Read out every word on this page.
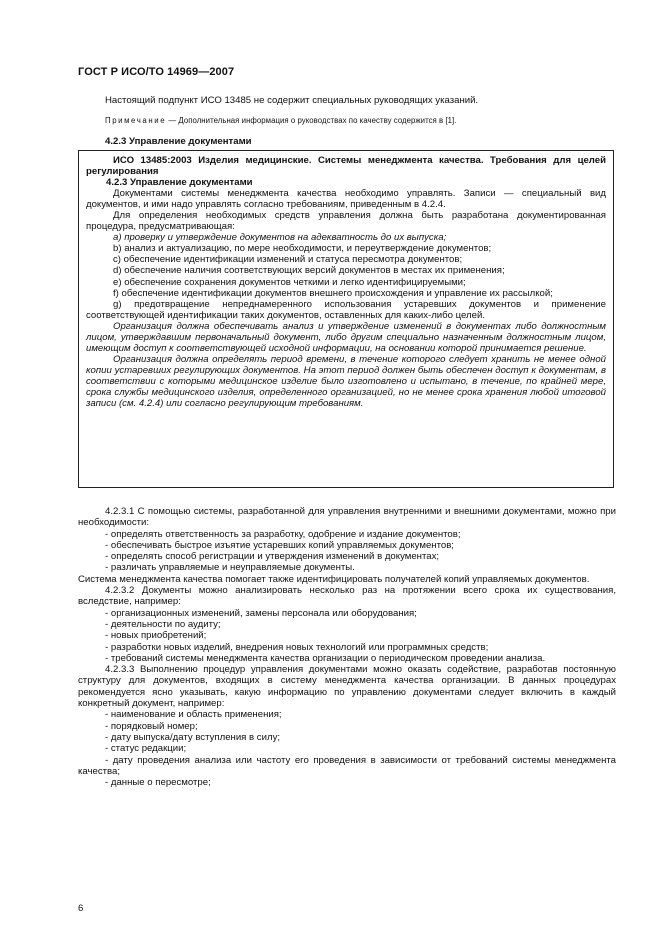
ГОСТ Р ИСО/ТО 14969—2007

Настоящий подпункт ИСО 13485 не содержит специальных руководящих указаний.

Примечание — Дополнительная информация о руководствах по качеству содержится в [1].

4.2.3 Управление документами

ИСО 13485:2003 Изделия медицинские. Системы менеджмента качества. Требования для целей регулирования

4.2.3 Управление документами

Документами системы менеджмента качества необходимо управлять. Записи — специальный вид документов, и ими надо управлять согласно требованиям, приведенным в 4.2.4.

Для определения необходимых средств управления должна быть разработана документированная процедура, предусматривающая:

a) проверку и утверждение документов на адекватность до их выпуска;

b) анализ и актуализацию, по мере необходимости, и переутверждение документов;

c) обеспечение идентификации изменений и статуса пересмотра документов;

d) обеспечение наличия соответствующих версий документов в местах их применения;

e) обеспечение сохранения документов четкими и легко идентифицируемыми;

f) обеспечение идентификации документов внешнего происхождения и управление их рассылкой;

g) предотвращение непреднамеренного использования устаревших документов и применение соответствующей идентификации таких документов, оставленных для каких-либо целей.

Организация должна обеспечивать анализ и утверждение изменений в документах либо должностным лицом, утверждавшим первоначальный документ, либо другим специально назначенным должностным лицом, имеющим доступ к соответствующей исходной информации, на основании которой принимается решение.

Организация должна определять период времени, в течение которого следует хранить не менее одной копии устаревших регулирующих документов. На этот период должен быть обеспечен доступ к документам, в соответствии с которыми медицинское изделие было изготовлено и испытано, в течение, по крайней мере, срока службы медицинского изделия, определенного организацией, но не менее срока хранения любой итоговой записи (см. 4.2.4) или согласно регулирующим требованиям.

4.2.3.1 С помощью системы, разработанной для управления внутренними и внешними документами, можно при необходимости:

- определять ответственность за разработку, одобрение и издание документов;

- обеспечивать быстрое изъятие устаревших копий управляемых документов;

- определять способ регистрации и утверждения изменений в документах;

- различать управляемые и неуправляемые документы.

Система менеджмента качества помогает также идентифицировать получателей копий управляемых документов.

4.2.3.2 Документы можно анализировать несколько раз на протяжении всего срока их существования, вследствие, например:

- организационных изменений, замены персонала или оборудования;

- деятельности по аудиту;

- новых приобретений;

- разработки новых изделий, внедрения новых технологий или программных средств;

- требований системы менеджмента качества организации о периодическом проведении анализа.

4.2.3.3 Выполнению процедур управления документами можно оказать содействие, разработав постоянную структуру для документов, входящих в систему менеджмента качества организации. В данных процедурах рекомендуется ясно указывать, какую информацию по управлению документами следует включить в каждый конкретный документ, например:

- наименование и область применения;

- порядковый номер;

- дату выпуска/дату вступления в силу;

- статус редакции;

- дату проведения анализа или частоту его проведения в зависимости от требований системы менеджмента качества;

- данные о пересмотре;

6
